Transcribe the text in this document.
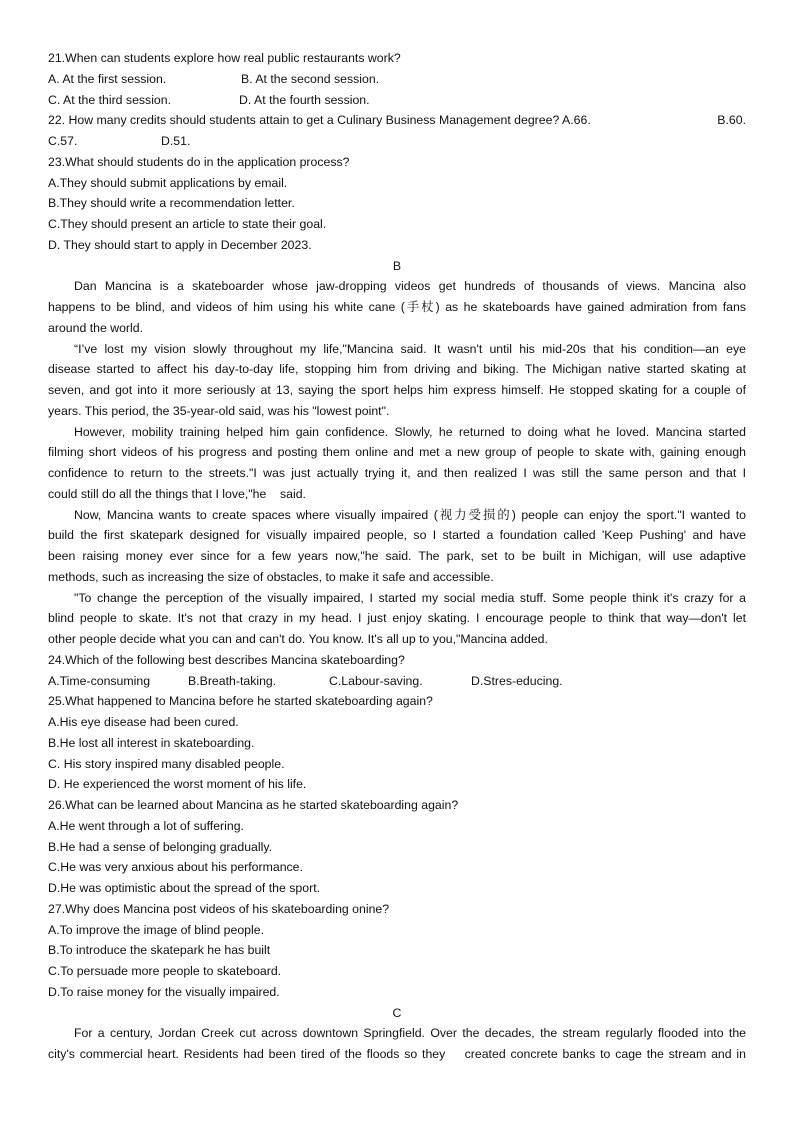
21.When can students explore how real public restaurants work?
A. At the first session.	B. At the second session.
C. At the third session.	D. At the fourth session.
22. How many credits should students attain to get a Culinary Business Management degree? A.66.	B.60.
C.57.	D.51.
23.What should students do in the application process?
A.They should submit applications by email.
B.They should write a recommendation letter.
C.They should present an article to state their goal.
D. They should start to apply in December 2023.
B
Dan Mancina is a skateboarder whose jaw-dropping videos get hundreds of thousands of views. Mancina also
happens to be blind, and videos of him using his white cane (手杖) as he skateboards have gained admiration from fans
around the world.
“I’ve lost my vision slowly throughout my life,"Mancina said. It wasn't until his mid-20s that his condition—an eye
disease started to affect his day-to-day life, stopping him from driving and biking. The Michigan native started skating at
seven, and got into it more seriously at 13, saying the sport helps him express himself. He stopped skating for a couple of
years. This period, the 35-year-old said, was his "lowest point".
However, mobility training helped him gain confidence. Slowly, he returned to doing what he loved. Mancina started
filming short videos of his progress and posting them online and met a new group of people to skate with, gaining enough
confidence to return to the streets."I was just actually trying it, and then realized I was still the same person and that I
could still do all the things that I love,"he    said.
Now, Mancina wants to create spaces where visually impaired (视力受损的) people can enjoy the sport."I wanted to
build the first skatepark designed for visually impaired people, so I started a foundation called 'Keep Pushing' and have
been raising money ever since for a few years now,"he said. The park, set to be built in Michigan, will use adaptive
methods, such as increasing the size of obstacles, to make it safe and accessible.
"To change the perception of the visually impaired, I started my social media stuff. Some people think it's crazy for a
blind people to skate. It's not that crazy in my head. I just enjoy skating. I encourage people to think that way—don't let
other people decide what you can and can't do. You know. It's all up to you,"Mancina added.
24.Which of the following best describes Mancina skateboarding?
A.Time-consuming	B.Breath-taking.	C.Labour-saving.	D.Stres-educing.
25.What happened to Mancina before he started skateboarding again?
A.His eye disease had been cured.
B.He lost all interest in skateboarding.
C. His story inspired many disabled people.
D. He experienced the worst moment of his life.
26.What can be learned about Mancina as he started skateboarding again?
A.He went through a lot of suffering.
B.He had a sense of belonging gradually.
C.He was very anxious about his performance.
D.He was optimistic about the spread of the sport.
27.Why does Mancina post videos of his skateboarding onine?
A.To improve the image of blind people.
B.To introduce the skatepark he has built
C.To persuade more people to skateboard.
D.To raise money for the visually impaired.
C
For a century, Jordan Creek cut across downtown Springfield. Over the decades, the stream regularly flooded into the
city's commercial heart. Residents had been tired of the floods so they    created concrete banks to cage the stream and in
